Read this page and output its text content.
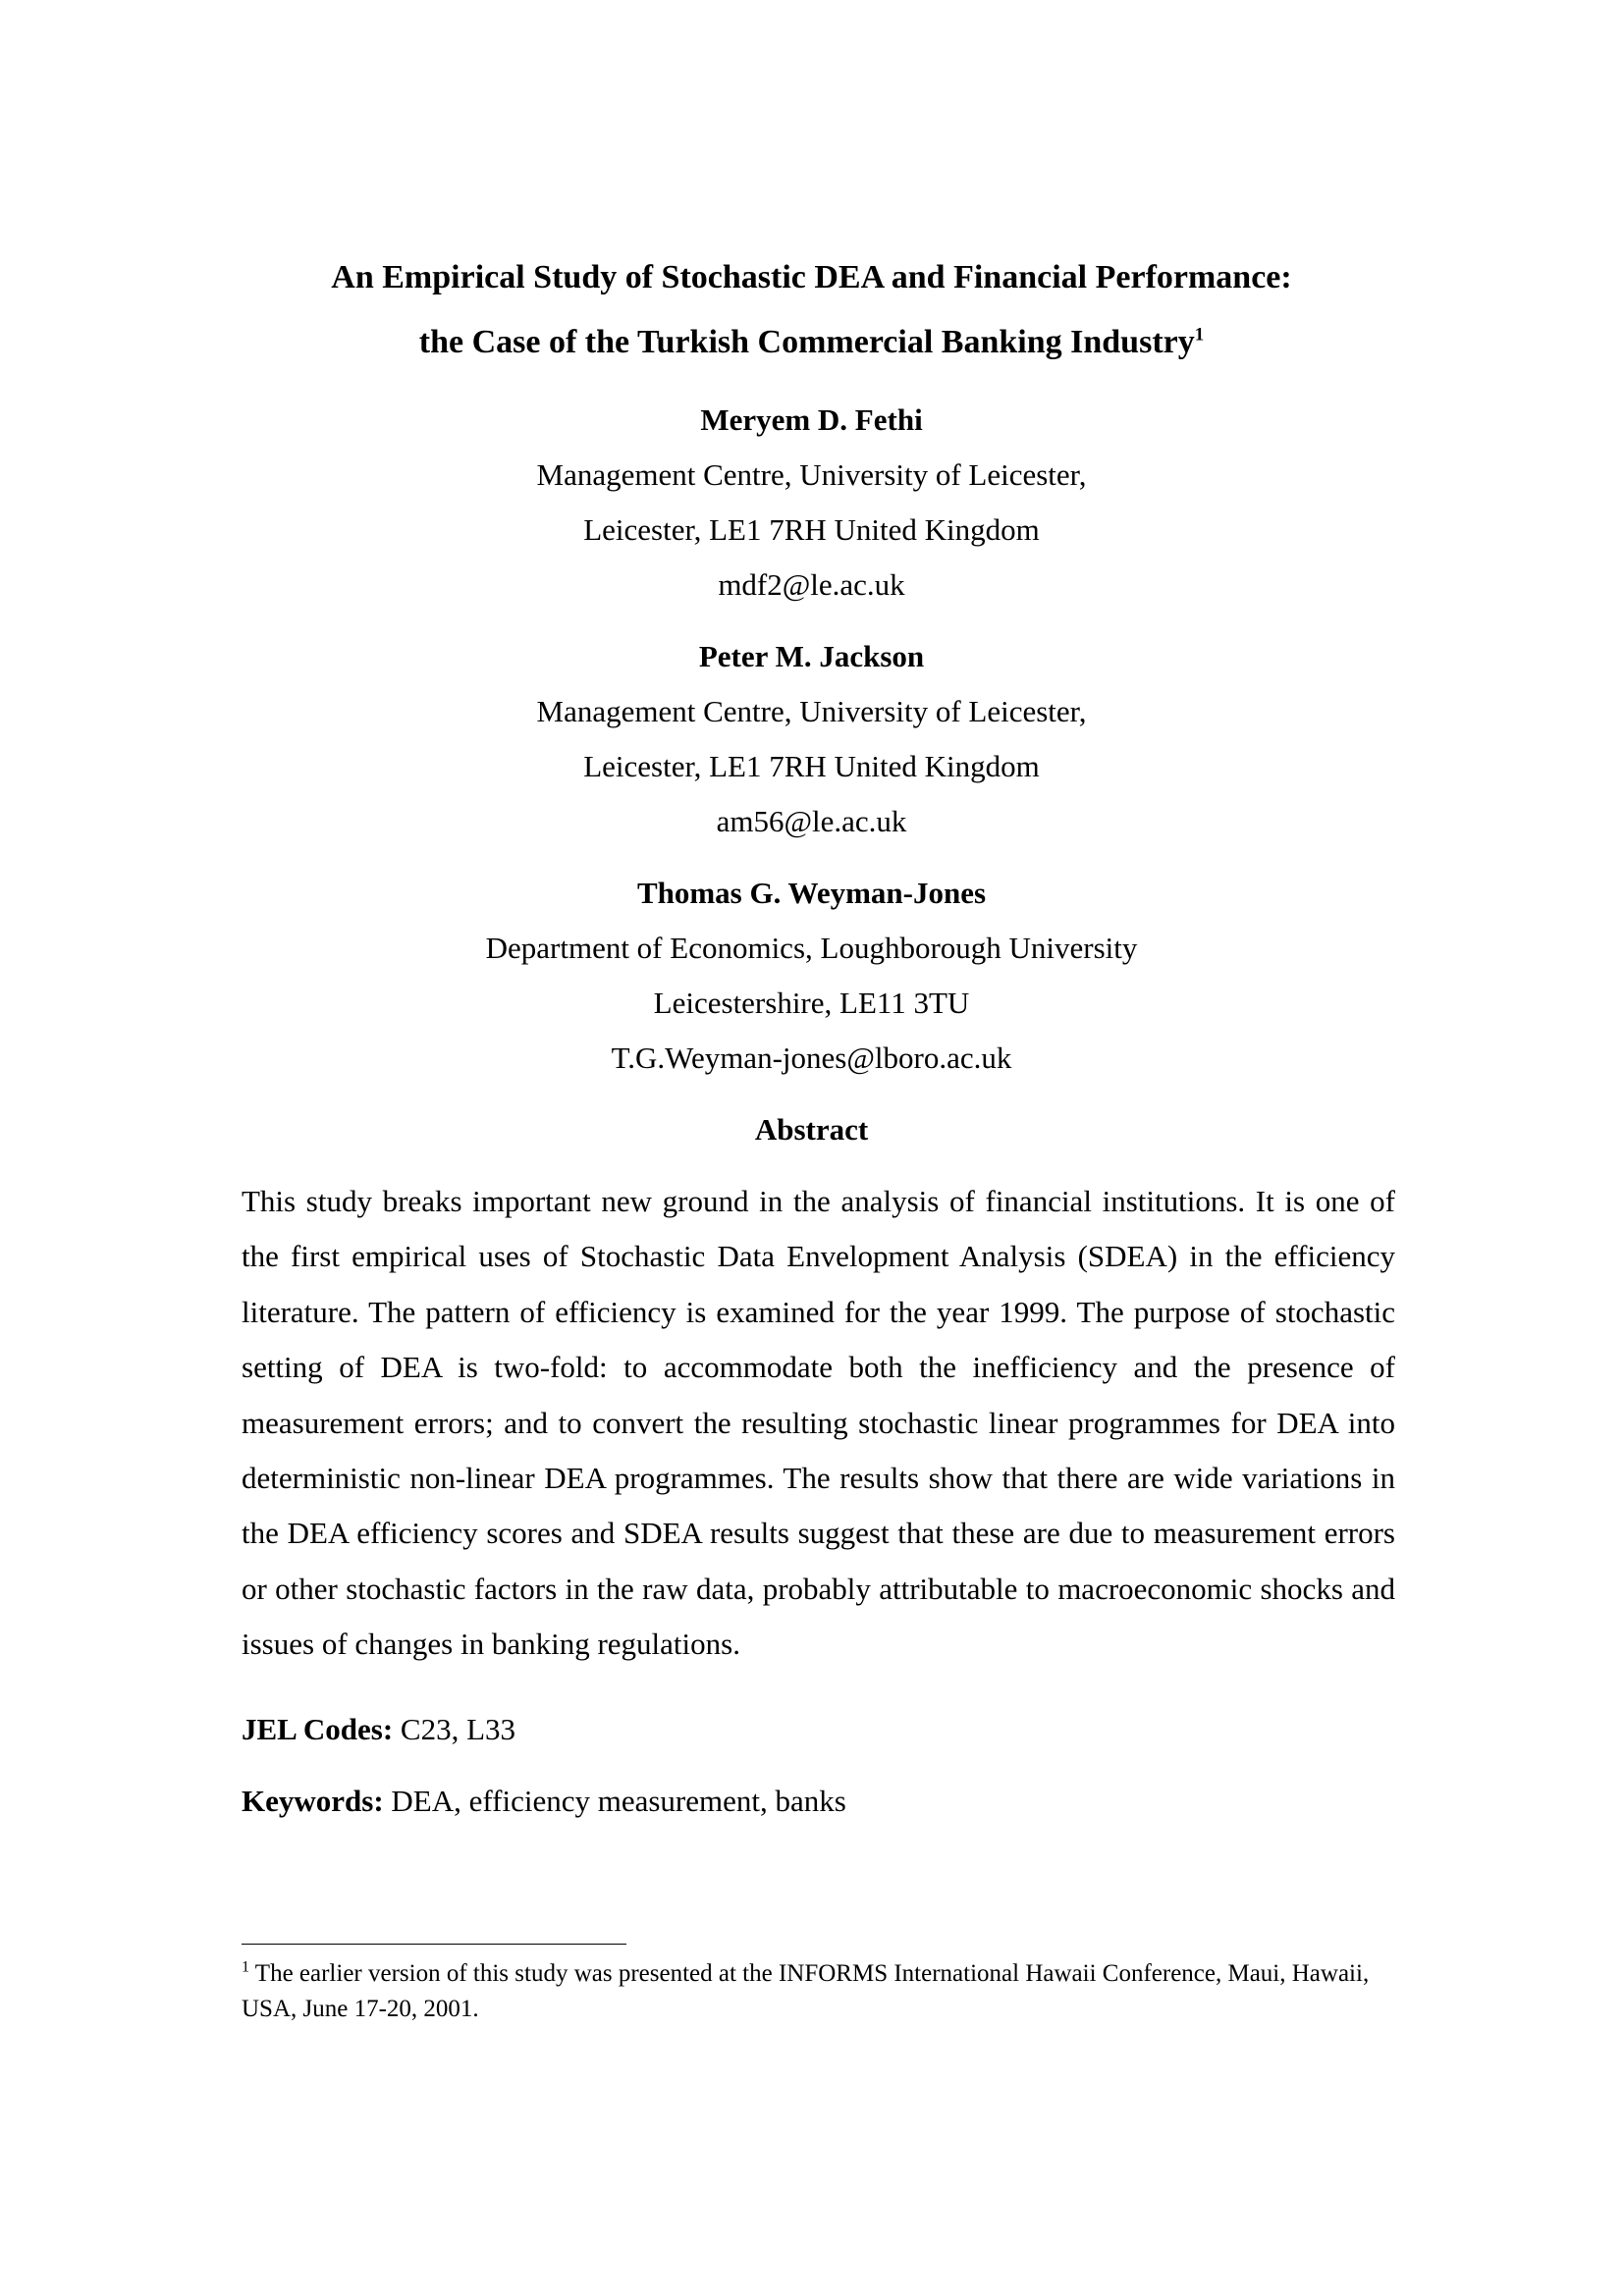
An Empirical Study of Stochastic DEA and Financial Performance:
the Case of the Turkish Commercial Banking Industry$^1$
Meryem D. Fethi
Management Centre, University of Leicester,
Leicester, LE1 7RH United Kingdom
mdf2@le.ac.uk
Peter M. Jackson
Management Centre, University of Leicester,
Leicester, LE1 7RH United Kingdom
am56@le.ac.uk
Thomas G. Weyman-Jones
Department of Economics, Loughborough University
Leicestershire, LE11 3TU
T.G.Weyman-jones@lboro.ac.uk
Abstract

This study breaks important new ground in the analysis of financial institutions. It is one of the first empirical uses of Stochastic Data Envelopment Analysis (SDEA) in the efficiency literature. The pattern of efficiency is examined for the year 1999. The purpose of stochastic setting of DEA is two-fold: to accommodate both the inefficiency and the presence of measurement errors; and to convert the resulting stochastic linear programmes for DEA into deterministic non-linear DEA programmes. The results show that there are wide variations in the DEA efficiency scores and SDEA results suggest that these are due to measurement errors or other stochastic factors in the raw data, probably attributable to macroeconomic shocks and issues of changes in banking regulations.

JEL Codes: C23, L33
Keywords: DEA, efficiency measurement, banks

$^1$ The earlier version of this study was presented at the INFORMS International Hawaii Conference, Maui, Hawaii, USA, June 17-20, 2001.
